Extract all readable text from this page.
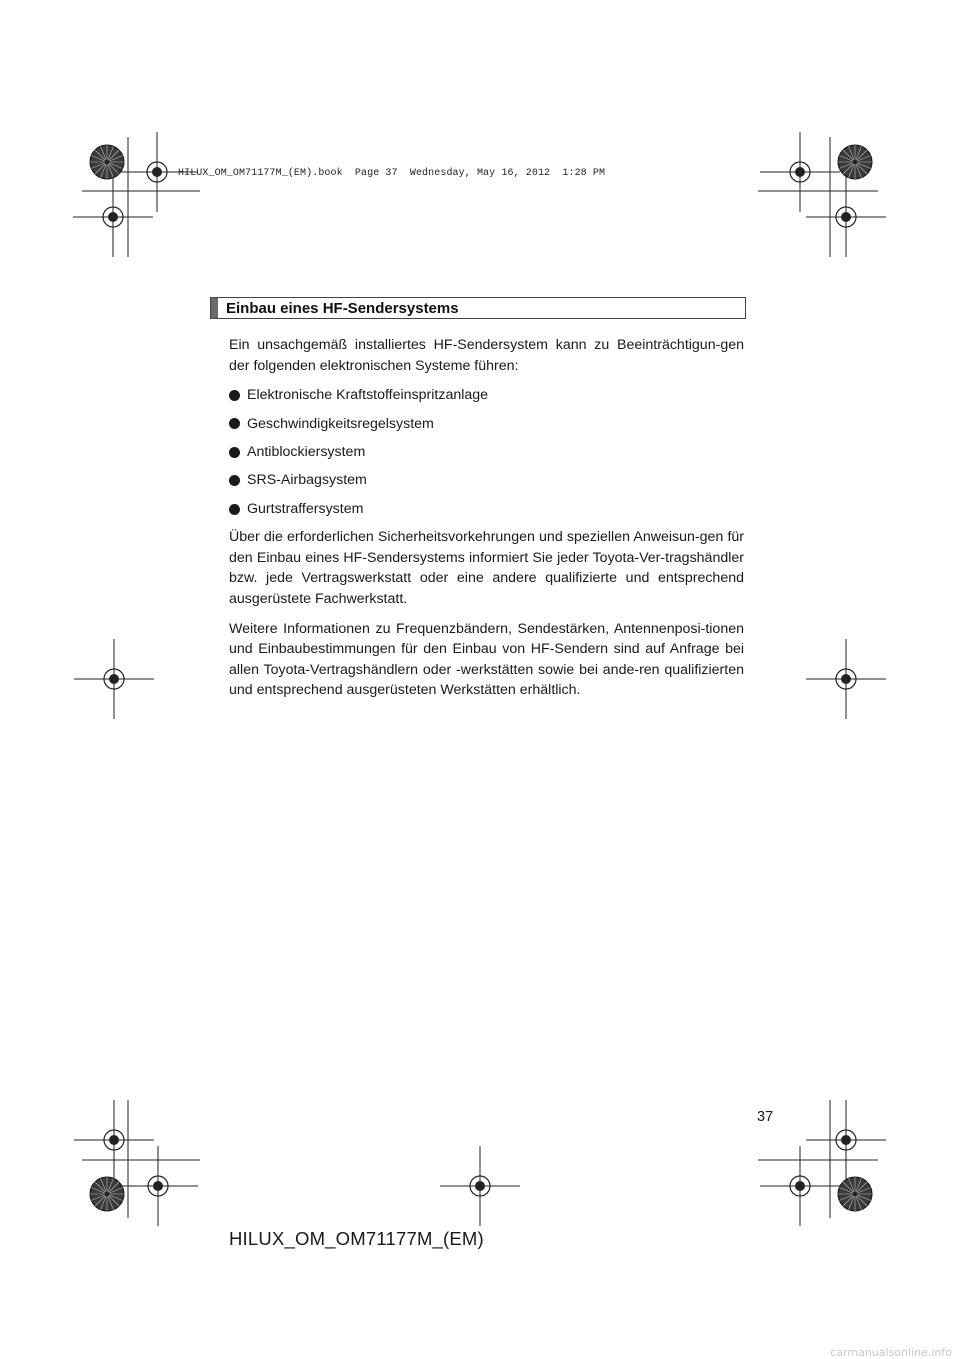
HILUX_OM_OM71177M_(EM).book  Page 37  Wednesday, May 16, 2012  1:28 PM
Einbau eines HF-Sendersystems

Ein unsachgemäß installiertes HF-Sendersystem kann zu Beeinträchtigun-gen der folgenden elektronischen Systeme führen:

Elektronische Kraftstoffeinspritzanlage
Geschwindigkeitsregelsystem
Antiblockiersystem
SRS-Airbagsystem
Gurtstraffersystem

Über die erforderlichen Sicherheitsvorkehrungen und speziellen Anweisun-gen für den Einbau eines HF-Sendersystems informiert Sie jeder Toyota-Ver-tragshändler bzw. jede Vertragswerkstatt oder eine andere qualifizierte und entsprechend ausgerüstete Fachwerkstatt.

Weitere Informationen zu Frequenzbändern, Sendestärken, Antennenposi-tionen und Einbaubestimmungen für den Einbau von HF-Sendern sind auf Anfrage bei allen Toyota-Vertragshändlern oder -werkstätten sowie bei ande-ren qualifizierten und entsprechend ausgerüsteten Werkstätten erhältlich.

37
HILUX_OM_OM71177M_(EM)
carmanualsonline.info
